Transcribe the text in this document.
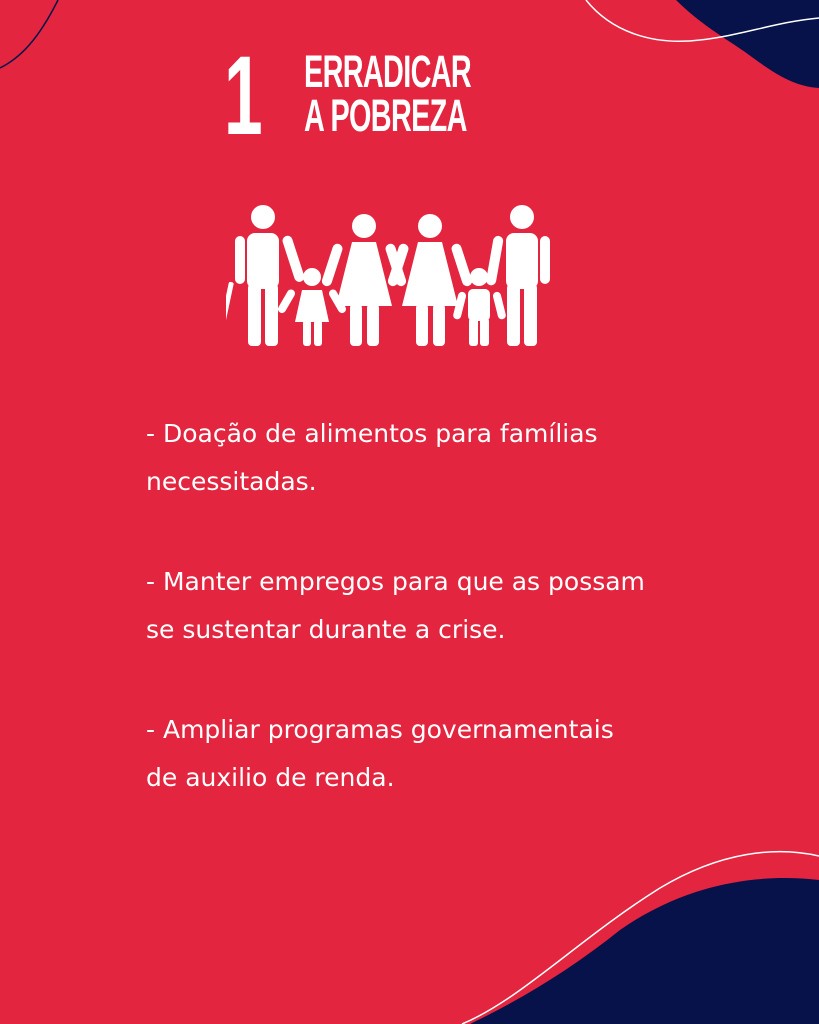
1 ERRADICAR
A POBREZA
- Doação de alimentos para famílias
necessitadas.
- Manter empregos para que as possam
se sustentar durante a crise.
- Ampliar programas governamentais
de auxilio de renda.
